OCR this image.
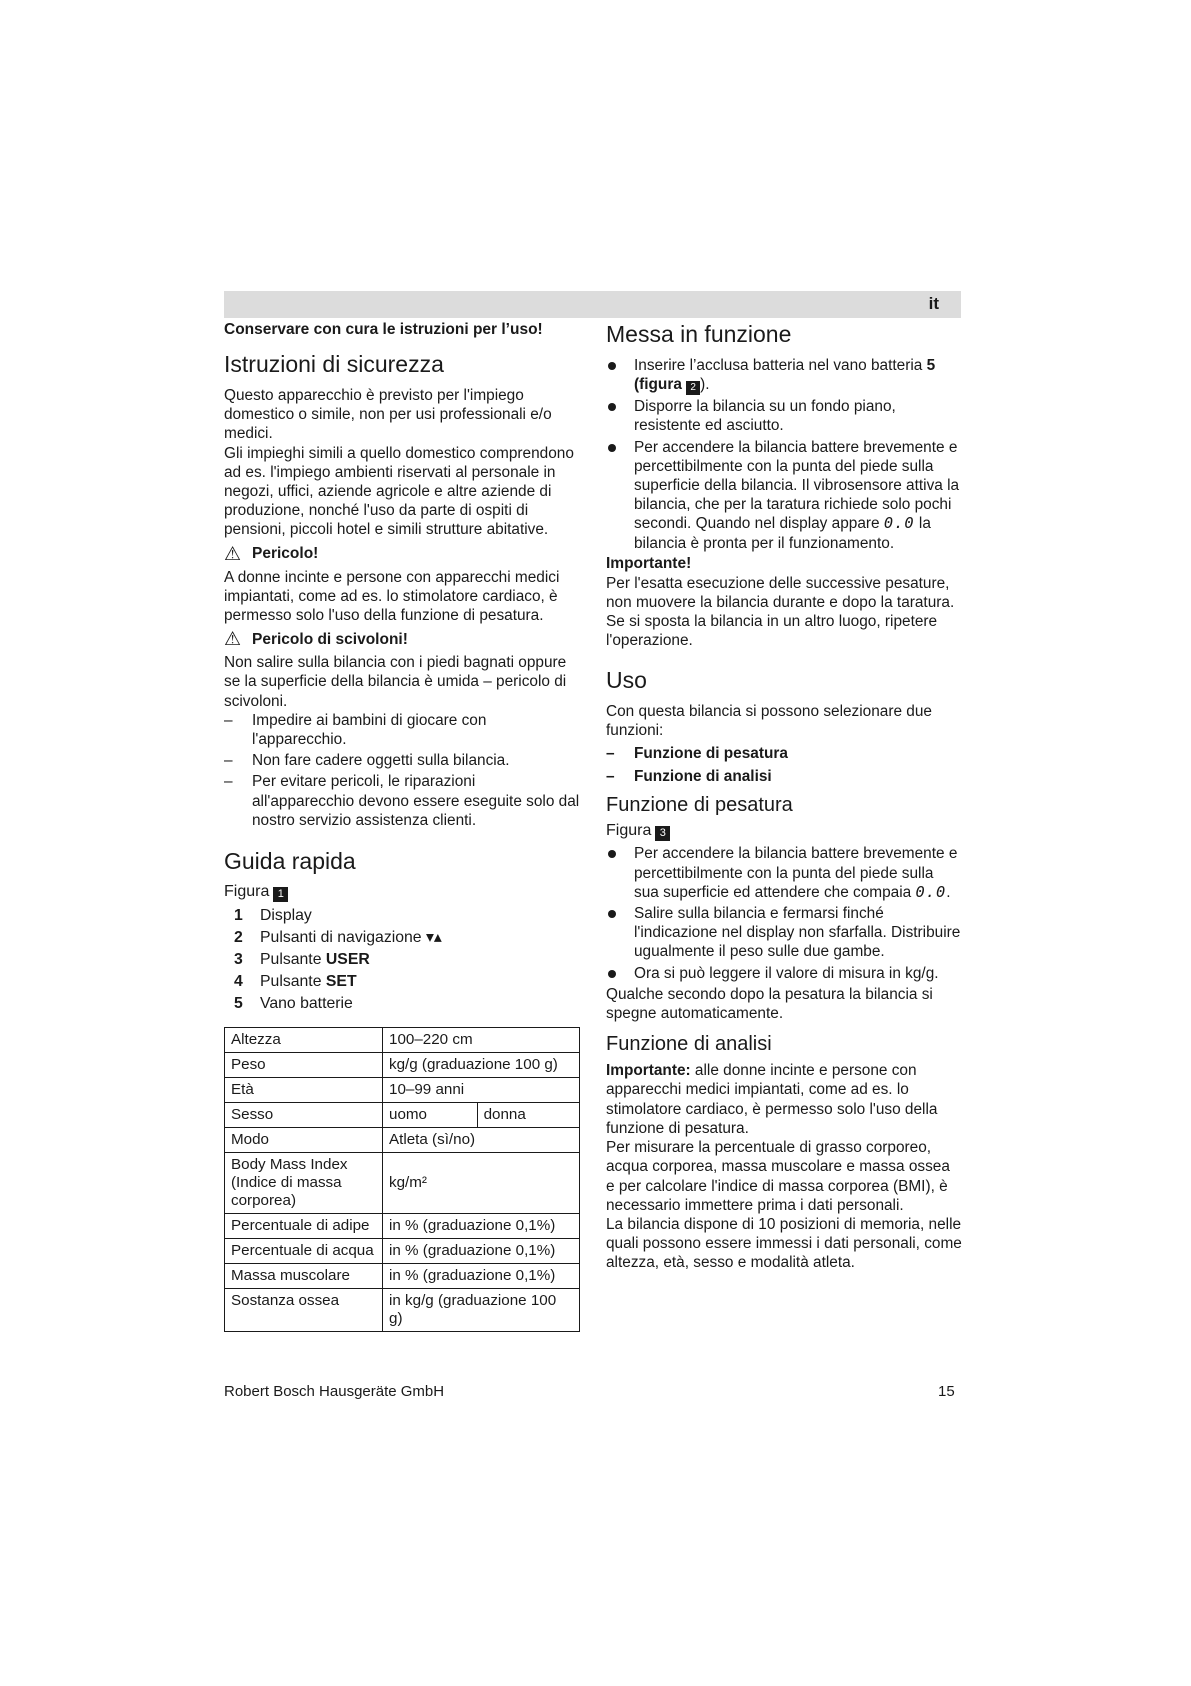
it
Conservare con cura le istruzioni per l’uso!
Istruzioni di sicurezza

Questo apparecchio è previsto per l'impiego domestico o simile, non per usi professionali e/o medici.

Gli impieghi simili a quello domestico comprendono ad es. l'impiego ambienti riservati al personale in negozi, uffici, aziende agricole e altre aziende di produzione, nonché l'uso da parte di ospiti di pensioni, piccoli hotel e simili strutture abitative.

⚠ Pericolo!

A donne incinte e persone con apparecchi medici impiantati, come ad es. lo stimolatore cardiaco, è permesso solo l'uso della funzione di pesatura.

⚠ Pericolo di scivoloni!

Non salire sulla bilancia con i piedi bagnati oppure se la superficie della bilancia è umida – pericolo di scivoloni.

– Impedire ai bambini di giocare con l'apparecchio.
– Non fare cadere oggetti sulla bilancia.
– Per evitare pericoli, le riparazioni all'apparecchio devono essere eseguite solo dal nostro servizio assistenza clienti.
Guida rapida
Figura 1
1 Display
2 Pulsanti di navigazione ▾▴
3 Pulsante USER
4 Pulsante SET
5 Vano batterie
Altezza	100–220 cm	
Peso	kg/g (graduazione 100 g)	
Età	10–99 anni	
Sesso	uomo	donna
Modo	Atleta (sì/no)	
Body Mass Index (Indice di massa corporea)	kg/m²	
Percentuale di adipe	in % (graduazione 0,1%)	
Percentuale di acqua	in % (graduazione 0,1%)	
Massa muscolare	in % (graduazione 0,1%)	
Sostanza ossea	in kg/g (graduazione 100 g)	
Messa in funzione
Inserire l’acclusa batteria nel vano batteria 5 (figura 2 ).
Disporre la bilancia su un fondo piano, resistente ed asciutto.
Per accendere la bilancia battere brevemente e percettibilmente con la punta del piede sulla superficie della bilancia. Il vibrosensore attiva la bilancia, che per la taratura richiede solo pochi secondi. Quando nel display appare 0.0 la bilancia è pronta per il funzionamento.
Importante!

Per l'esatta esecuzione delle successive pesature, non muovere la bilancia durante e dopo la taratura. Se si sposta la bilancia in un altro luogo, ripetere l'operazione.

Uso

Con questa bilancia si possono selezionare due funzioni:

– Funzione di pesatura
– Funzione di analisi
Funzione di pesatura
Figura 3
Per accendere la bilancia battere brevemente e percettibilmente con la punta del piede sulla sua superficie ed attendere che compaia 0.0.
Salire sulla bilancia e fermarsi finché l'indicazione nel display non sfarfalla. Distribuire ugualmente il peso sulle due gambe.
Ora si può leggere il valore di misura in kg/g.

Qualche secondo dopo la pesatura la bilancia si spegne automaticamente.

Funzione di analisi

Importante: alle donne incinte e persone con apparecchi medici impiantati, come ad es. lo stimolatore cardiaco, è permesso solo l'uso della funzione di pesatura.

Per misurare la percentuale di grasso corporeo, acqua corporea, massa muscolare e massa ossea e per calcolare l'indice di massa corporea (BMI), è necessario immettere prima i dati personali.

La bilancia dispone di 10 posizioni di memoria, nelle quali possono essere immessi i dati personali, come altezza, età, sesso e modalità atleta.

Robert Bosch Hausgeräte GmbH	15
